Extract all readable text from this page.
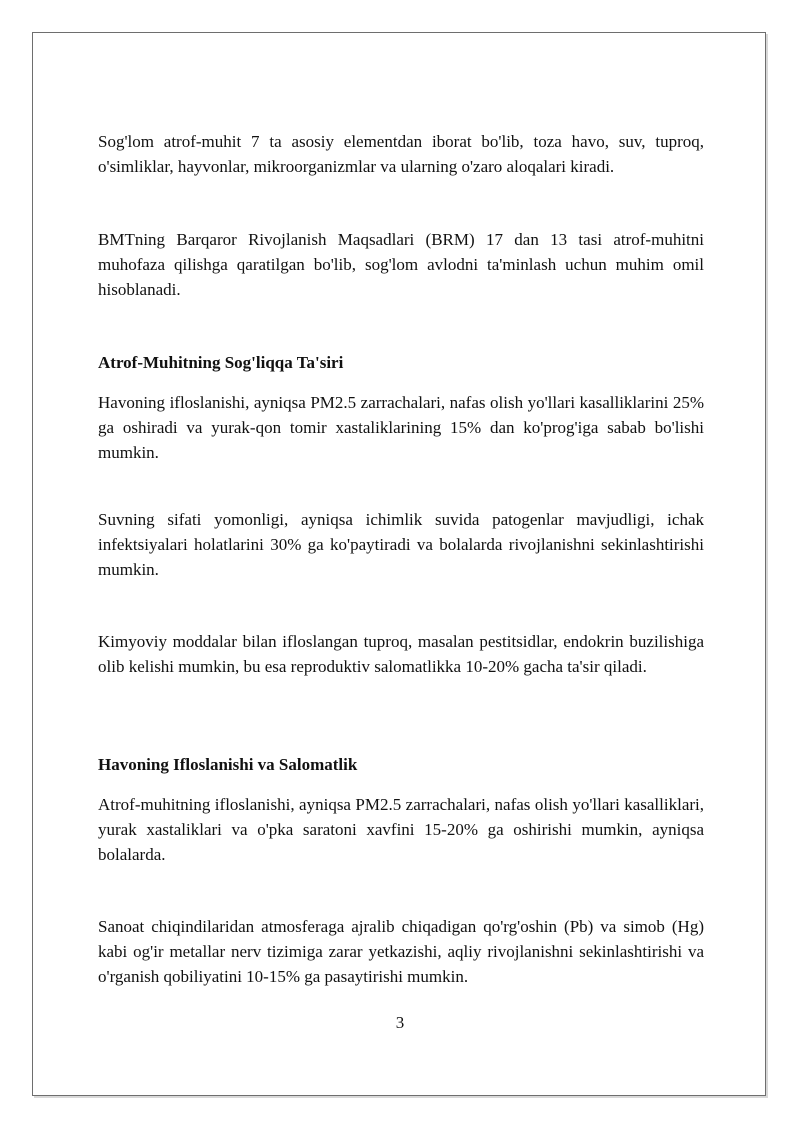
Sog'lom atrof-muhit 7 ta asosiy elementdan iborat bo'lib, toza havo, suv, tuproq, o'simliklar, hayvonlar, mikroorganizmlar va ularning o'zaro aloqalari kiradi.

BMTning Barqaror Rivojlanish Maqsadlari (BRM) 17 dan 13 tasi atrof-muhitni muhofaza qilishga qaratilgan bo'lib, sog'lom avlodni ta'minlash uchun muhim omil hisoblanadi.

Atrof-Muhitning Sog'liqqa Ta'siri

Havoning ifloslanishi, ayniqsa PM2.5 zarrachalari, nafas olish yo'llari kasalliklarini 25% ga oshiradi va yurak-qon tomir xastaliklarining 15% dan ko'prog'iga sabab bo'lishi mumkin.

Suvning sifati yomonligi, ayniqsa ichimlik suvida patogenlar mavjudligi, ichak infektsiyalari holatlarini 30% ga ko'paytiradi va bolalarda rivojlanishni sekinlashtirishi mumkin.

Kimyoviy moddalar bilan ifloslangan tuproq, masalan pestitsidlar, endokrin buzilishiga olib kelishi mumkin, bu esa reproduktiv salomatlikka 10-20% gacha ta'sir qiladi.

Havoning Ifloslanishi va Salomatlik

Atrof-muhitning ifloslanishi, ayniqsa PM2.5 zarrachalari, nafas olish yo'llari kasalliklari, yurak xastaliklari va o'pka saratoni xavfini 15-20% ga oshirishi mumkin, ayniqsa bolalarda.

Sanoat chiqindilaridan atmosferaga ajralib chiqadigan qo'rg'oshin (Pb) va simob (Hg) kabi og'ir metallar nerv tizimiga zarar yetkazishi, aqliy rivojlanishni sekinlashtirishi va o'rganish qobiliyatini 10-15% ga pasaytirishi mumkin.

3
